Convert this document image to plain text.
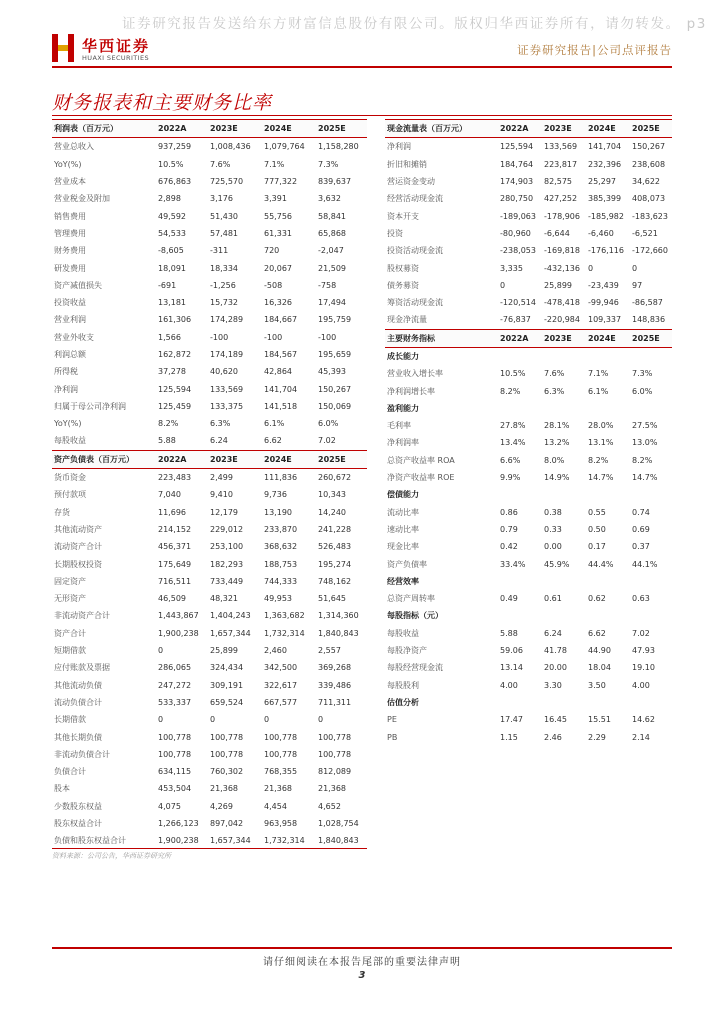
证券研究报告发送给东方财富信息股份有限公司。版权归华西证券所有，请勿转发。 p3
华西证券
HUAXI SECURITIES
证券研究报告|公司点评报告
财务报表和主要财务比率
利润表（百万元）	2022A	2023E	2024E	2025E
营业总收入	937,259	1,008,436	1,079,764	1,158,280
YoY(%)	10.5%	7.6%	7.1%	7.3%
营业成本	676,863	725,570	777,322	839,637
营业税金及附加	2,898	3,176	3,391	3,632
销售费用	49,592	51,430	55,756	58,841
管理费用	54,533	57,481	61,331	65,868
财务费用	-8,605	-311	720	-2,047
研发费用	18,091	18,334	20,067	21,509
资产减值损失	-691	-1,256	-508	-758
投资收益	13,181	15,732	16,326	17,494
营业利润	161,306	174,289	184,667	195,759
营业外收支	1,566	-100	-100	-100
利润总额	162,872	174,189	184,567	195,659
所得税	37,278	40,620	42,864	45,393
净利润	125,594	133,569	141,704	150,267
归属于母公司净利润	125,459	133,375	141,518	150,069
YoY(%)	8.2%	6.3%	6.1%	6.0%
每股收益	5.88	6.24	6.62	7.02
资产负债表（百万元）	2022A	2023E	2024E	2025E
货币资金	223,483	2,499	111,836	260,672
预付款项	7,040	9,410	9,736	10,343
存货	11,696	12,179	13,190	14,240
其他流动资产	214,152	229,012	233,870	241,228
流动资产合计	456,371	253,100	368,632	526,483
长期股权投资	175,649	182,293	188,753	195,274
固定资产	716,511	733,449	744,333	748,162
无形资产	46,509	48,321	49,953	51,645
非流动资产合计	1,443,867	1,404,243	1,363,682	1,314,360
资产合计	1,900,238	1,657,344	1,732,314	1,840,843
短期借款	0	25,899	2,460	2,557
应付账款及票据	286,065	324,434	342,500	369,268
其他流动负债	247,272	309,191	322,617	339,486
流动负债合计	533,337	659,524	667,577	711,311
长期借款	0	0	0	0
其他长期负债	100,778	100,778	100,778	100,778
非流动负债合计	100,778	100,778	100,778	100,778
负债合计	634,115	760,302	768,355	812,089
股本	453,504	21,368	21,368	21,368
少数股东权益	4,075	4,269	4,454	4,652
股东权益合计	1,266,123	897,042	963,958	1,028,754
负债和股东权益合计	1,900,238	1,657,344	1,732,314	1,840,843
现金流量表（百万元）	2022A	2023E	2024E	2025E
净利润	125,594	133,569	141,704	150,267
折旧和摊销	184,764	223,817	232,396	238,608
营运资金变动	174,903	82,575	25,297	34,622
经营活动现金流	280,750	427,252	385,399	408,073
资本开支	-189,063	-178,906	-185,982	-183,623
投资	-80,960	-6,644	-6,460	-6,521
投资活动现金流	-238,053	-169,818	-176,116	-172,660
股权募资	3,335	-432,136	0	0
债务募资	0	25,899	-23,439	97
筹资活动现金流	-120,514	-478,418	-99,946	-86,587
现金净流量	-76,837	-220,984	109,337	148,836
主要财务指标	2022A	2023E	2024E	2025E
成长能力				
营业收入增长率	10.5%	7.6%	7.1%	7.3%
净利润增长率	8.2%	6.3%	6.1%	6.0%
盈利能力				
毛利率	27.8%	28.1%	28.0%	27.5%
净利润率	13.4%	13.2%	13.1%	13.0%
总资产收益率 ROA	6.6%	8.0%	8.2%	8.2%
净资产收益率 ROE	9.9%	14.9%	14.7%	14.7%
偿债能力				
流动比率	0.86	0.38	0.55	0.74
速动比率	0.79	0.33	0.50	0.69
现金比率	0.42	0.00	0.17	0.37
资产负债率	33.4%	45.9%	44.4%	44.1%
经营效率				
总资产周转率	0.49	0.61	0.62	0.63
每股指标（元）				
每股收益	5.88	6.24	6.62	7.02
每股净资产	59.06	41.78	44.90	47.93
每股经营现金流	13.14	20.00	18.04	19.10
每股股利	4.00	3.30	3.50	4.00
估值分析				
PE	17.47	16.45	15.51	14.62
PB	1.15	2.46	2.29	2.14
资料来源：公司公告，华西证券研究所
请仔细阅读在本报告尾部的重要法律声明
3
